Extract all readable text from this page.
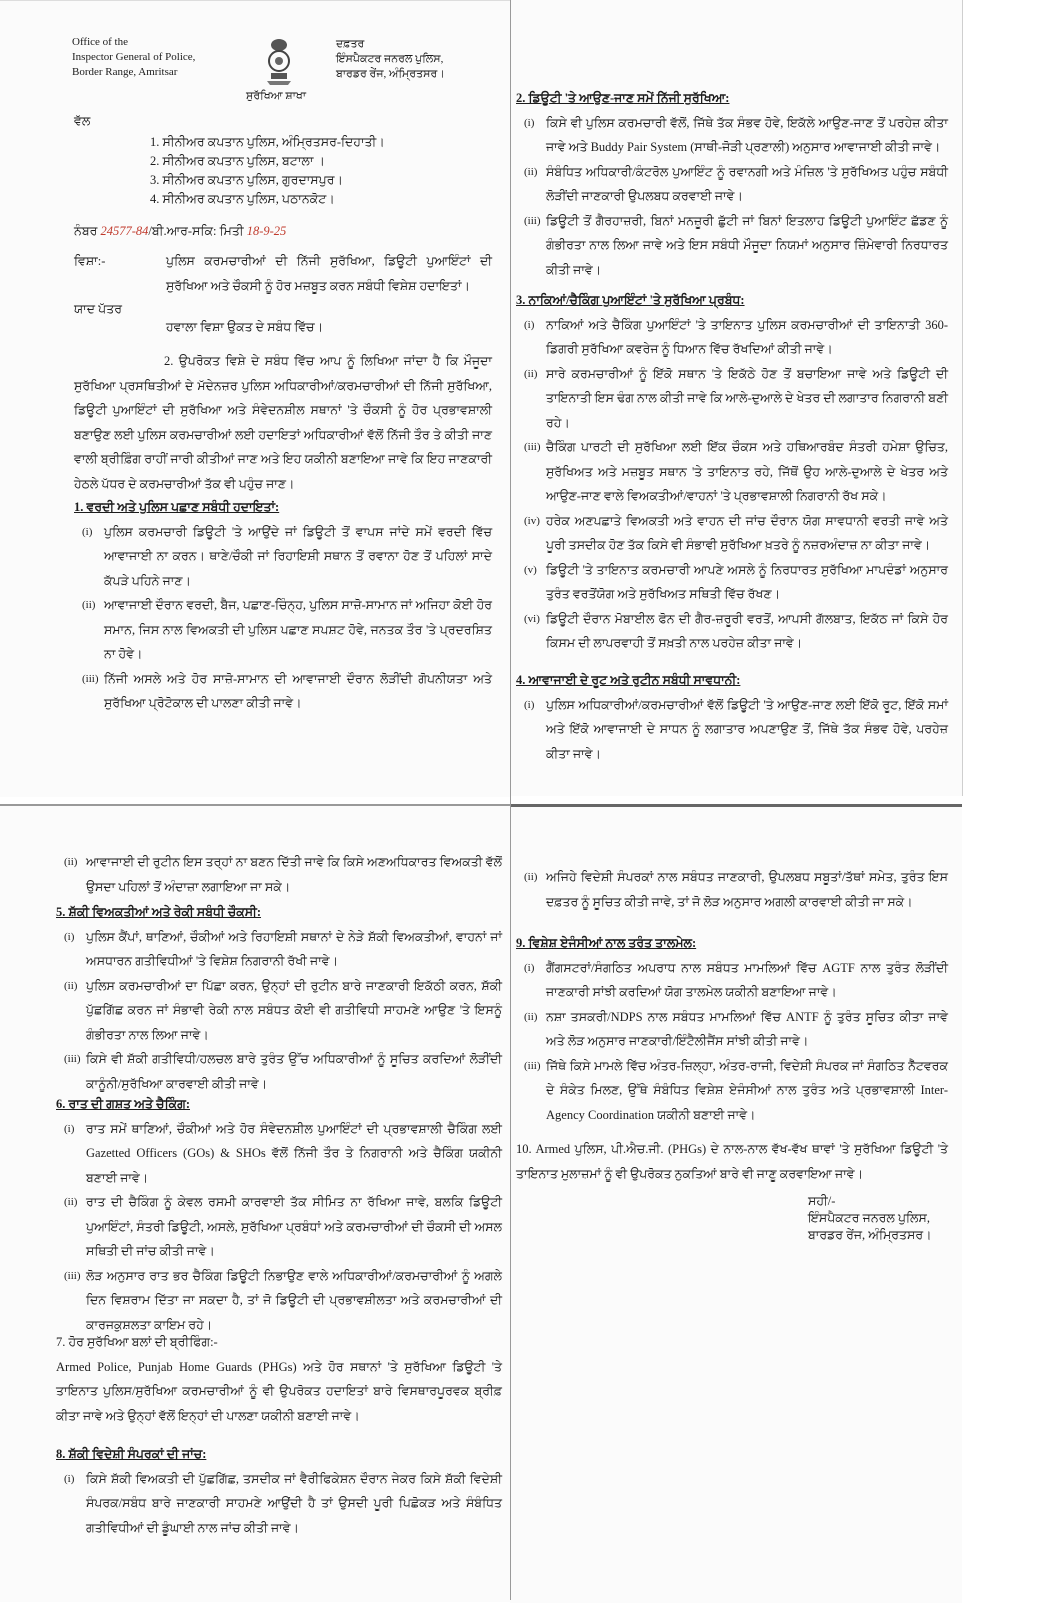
Office of the
Inspector General of Police,
Border Range, Amritsar
ਦਫ਼ਤਰ
ਇੰਸਪੈਕਟਰ ਜਨਰਲ ਪੁਲਿਸ,
ਬਾਰਡਰ ਰੇਂਜ, ਅੰਮ੍ਰਿਤਸਰ।
ਸੁਰੱਖਿਆ ਸ਼ਾਖਾ
ਵੱਲ
1. ਸੀਨੀਅਰ ਕਪਤਾਨ ਪੁਲਿਸ, ਅੰਮ੍ਰਿਤਸਰ-ਦਿਹਾਤੀ।
2. ਸੀਨੀਅਰ ਕਪਤਾਨ ਪੁਲਿਸ, ਬਟਾਲਾ ।
3. ਸੀਨੀਅਰ ਕਪਤਾਨ ਪੁਲਿਸ, ਗੁਰਦਾਸਪੁਰ।
4. ਸੀਨੀਅਰ ਕਪਤਾਨ ਪੁਲਿਸ, ਪਠਾਨਕੋਟ।
ਨੰਬਰ 24577-84/ਬੀ.ਆਰ-ਸਕਿ: ਮਿਤੀ 18-9-25
ਵਿਸ਼ਾ:-	ਪੁਲਿਸ ਕਰਮਚਾਰੀਆਂ ਦੀ ਨਿੱਜੀ ਸੁਰੱਖਿਆ, ਡਿਊਟੀ ਪੁਆਇੰਟਾਂ ਦੀ ਸੁਰੱਖਿਆ ਅਤੇ ਚੌਕਸੀ ਨੂੰ ਹੋਰ ਮਜ਼ਬੂਤ ਕਰਨ ਸਬੰਧੀ ਵਿਸ਼ੇਸ਼ ਹਦਾਇਤਾਂ।
ਯਾਦ ਪੱਤਰ
ਹਵਾਲਾ ਵਿਸ਼ਾ ਉਕਤ ਦੇ ਸਬੰਧ ਵਿੱਚ।
2. ਉਪਰੋਕਤ ਵਿਸ਼ੇ ਦੇ ਸਬੰਧ ਵਿੱਚ ਆਪ ਨੂੰ ਲਿਖਿਆ ਜਾਂਦਾ ਹੈ ਕਿ ਮੌਜੂਦਾ ਸੁਰੱਖਿਆ ਪ੍ਰਸਥਿਤੀਆਂ ਦੇ ਮੱਦੇਨਜ਼ਰ ਪੁਲਿਸ ਅਧਿਕਾਰੀਆਂ/ਕਰਮਚਾਰੀਆਂ ਦੀ ਨਿੱਜੀ ਸੁਰੱਖਿਆ, ਡਿਊਟੀ ਪੁਆਇੰਟਾਂ ਦੀ ਸੁਰੱਖਿਆ ਅਤੇ ਸੰਵੇਦਨਸ਼ੀਲ ਸਥਾਨਾਂ 'ਤੇ ਚੌਕਸੀ ਨੂੰ ਹੋਰ ਪ੍ਰਭਾਵਸ਼ਾਲੀ ਬਣਾਉਣ ਲਈ ਪੁਲਿਸ ਕਰਮਚਾਰੀਆਂ ਲਈ ਹਦਾਇਤਾਂ ਅਧਿਕਾਰੀਆਂ ਵੱਲੋਂ ਨਿੱਜੀ ਤੌਰ ਤੇ ਕੀਤੀ ਜਾਣ ਵਾਲੀ ਬ੍ਰੀਫ਼ਿੰਗ ਰਾਹੀਂ ਜਾਰੀ ਕੀਤੀਆਂ ਜਾਣ ਅਤੇ ਇਹ ਯਕੀਨੀ ਬਣਾਇਆ ਜਾਵੇ ਕਿ ਇਹ ਜਾਣਕਾਰੀ ਹੇਠਲੇ ਪੱਧਰ ਦੇ ਕਰਮਚਾਰੀਆਂ ਤੱਕ ਵੀ ਪਹੁੰਚ ਜਾਣ।

1. ਵਰਦੀ ਅਤੇ ਪੁਲਿਸ ਪਛਾਣ ਸਬੰਧੀ ਹਦਾਇਤਾਂ:

(i) ਪੁਲਿਸ ਕਰਮਚਾਰੀ ਡਿਊਟੀ 'ਤੇ ਆਉਂਦੇ ਜਾਂ ਡਿਊਟੀ ਤੋਂ ਵਾਪਸ ਜਾਂਦੇ ਸਮੇਂ ਵਰਦੀ ਵਿੱਚ ਆਵਾਜਾਈ ਨਾ ਕਰਨ। ਥਾਣੇ/ਚੌਕੀ ਜਾਂ ਰਿਹਾਇਸ਼ੀ ਸਥਾਨ ਤੋਂ ਰਵਾਨਾ ਹੋਣ ਤੋਂ ਪਹਿਲਾਂ ਸਾਦੇ ਕੱਪੜੇ ਪਹਿਨੇ ਜਾਣ।
(ii) ਆਵਾਜਾਈ ਦੌਰਾਨ ਵਰਦੀ, ਬੈਜ, ਪਛਾਣ-ਚਿੰਨ੍ਹ, ਪੁਲਿਸ ਸਾਜ਼ੋ-ਸਾਮਾਨ ਜਾਂ ਅਜਿਹਾ ਕੋਈ ਹੋਰ ਸਮਾਨ, ਜਿਸ ਨਾਲ ਵਿਅਕਤੀ ਦੀ ਪੁਲਿਸ ਪਛਾਣ ਸਪਸ਼ਟ ਹੋਵੇ, ਜਨਤਕ ਤੌਰ 'ਤੇ ਪ੍ਰਦਰਸ਼ਿਤ ਨਾ ਹੋਵੇ।
(iii) ਨਿੱਜੀ ਅਸਲੇ ਅਤੇ ਹੋਰ ਸਾਜ਼ੋ-ਸਾਮਾਨ ਦੀ ਆਵਾਜਾਈ ਦੌਰਾਨ ਲੋੜੀਂਦੀ ਗੋਪਨੀਯਤਾ ਅਤੇ ਸੁਰੱਖਿਆ ਪ੍ਰੋਟੋਕਾਲ ਦੀ ਪਾਲਣਾ ਕੀਤੀ ਜਾਵੇ।

2. ਡਿਊਟੀ 'ਤੇ ਆਉਣ-ਜਾਣ ਸਮੇਂ ਨਿੱਜੀ ਸੁਰੱਖਿਆ:

(i) ਕਿਸੇ ਵੀ ਪੁਲਿਸ ਕਰਮਚਾਰੀ ਵੱਲੋਂ, ਜਿੱਥੇ ਤੱਕ ਸੰਭਵ ਹੋਵੇ, ਇਕੱਲੇ ਆਉਣ-ਜਾਣ ਤੋਂ ਪਰਹੇਜ਼ ਕੀਤਾ ਜਾਵੇ ਅਤੇ Buddy Pair System (ਸਾਥੀ-ਜੋੜੀ ਪ੍ਰਣਾਲੀ) ਅਨੁਸਾਰ ਆਵਾਜਾਈ ਕੀਤੀ ਜਾਵੇ।
(ii) ਸੰਬੰਧਿਤ ਅਧਿਕਾਰੀ/ਕੰਟਰੋਲ ਪੁਆਇੰਟ ਨੂੰ ਰਵਾਨਗੀ ਅਤੇ ਮੰਜ਼ਿਲ 'ਤੇ ਸੁਰੱਖਿਅਤ ਪਹੁੰਚ ਸਬੰਧੀ ਲੋੜੀਂਦੀ ਜਾਣਕਾਰੀ ਉਪਲਬਧ ਕਰਵਾਈ ਜਾਵੇ।
(iii) ਡਿਊਟੀ ਤੋਂ ਗੈਰਹਾਜ਼ਰੀ, ਬਿਨਾਂ ਮਨਜ਼ੂਰੀ ਛੁੱਟੀ ਜਾਂ ਬਿਨਾਂ ਇਤਲਾਹ ਡਿਊਟੀ ਪੁਆਇੰਟ ਛੱਡਣ ਨੂੰ ਗੰਭੀਰਤਾ ਨਾਲ ਲਿਆ ਜਾਵੇ ਅਤੇ ਇਸ ਸਬੰਧੀ ਮੌਜੂਦਾ ਨਿਯਮਾਂ ਅਨੁਸਾਰ ਜ਼ਿੰਮੇਵਾਰੀ ਨਿਰਧਾਰਤ ਕੀਤੀ ਜਾਵੇ।

3. ਨਾਕਿਆਂ/ਚੈਕਿੰਗ ਪੁਆਇੰਟਾਂ 'ਤੇ ਸੁਰੱਖਿਆ ਪ੍ਰਬੰਧ:

(i) ਨਾਕਿਆਂ ਅਤੇ ਚੈਕਿੰਗ ਪੁਆਇੰਟਾਂ 'ਤੇ ਤਾਇਨਾਤ ਪੁਲਿਸ ਕਰਮਚਾਰੀਆਂ ਦੀ ਤਾਇਨਾਤੀ 360-ਡਿਗਰੀ ਸੁਰੱਖਿਆ ਕਵਰੇਜ ਨੂੰ ਧਿਆਨ ਵਿੱਚ ਰੱਖਦਿਆਂ ਕੀਤੀ ਜਾਵੇ।
(ii) ਸਾਰੇ ਕਰਮਚਾਰੀਆਂ ਨੂੰ ਇੱਕੋ ਸਥਾਨ 'ਤੇ ਇਕੱਠੇ ਹੋਣ ਤੋਂ ਬਚਾਇਆ ਜਾਵੇ ਅਤੇ ਡਿਊਟੀ ਦੀ ਤਾਇਨਾਤੀ ਇਸ ਢੰਗ ਨਾਲ ਕੀਤੀ ਜਾਵੇ ਕਿ ਆਲੇ-ਦੁਆਲੇ ਦੇ ਖੇਤਰ ਦੀ ਲਗਾਤਾਰ ਨਿਗਰਾਨੀ ਬਣੀ ਰਹੇ।
(iii) ਚੈਕਿੰਗ ਪਾਰਟੀ ਦੀ ਸੁਰੱਖਿਆ ਲਈ ਇੱਕ ਚੌਕਸ ਅਤੇ ਹਥਿਆਰਬੰਦ ਸੰਤਰੀ ਹਮੇਸ਼ਾ ਉਚਿਤ, ਸੁਰੱਖਿਅਤ ਅਤੇ ਮਜ਼ਬੂਤ ਸਥਾਨ 'ਤੇ ਤਾਇਨਾਤ ਰਹੇ, ਜਿੱਥੋਂ ਉਹ ਆਲੇ-ਦੁਆਲੇ ਦੇ ਖੇਤਰ ਅਤੇ ਆਉਣ-ਜਾਣ ਵਾਲੇ ਵਿਅਕਤੀਆਂ/ਵਾਹਨਾਂ 'ਤੇ ਪ੍ਰਭਾਵਸ਼ਾਲੀ ਨਿਗਰਾਨੀ ਰੱਖ ਸਕੇ।
(iv) ਹਰੇਕ ਅਣਪਛਾਤੇ ਵਿਅਕਤੀ ਅਤੇ ਵਾਹਨ ਦੀ ਜਾਂਚ ਦੌਰਾਨ ਯੋਗ ਸਾਵਧਾਨੀ ਵਰਤੀ ਜਾਵੇ ਅਤੇ ਪੂਰੀ ਤਸਦੀਕ ਹੋਣ ਤੱਕ ਕਿਸੇ ਵੀ ਸੰਭਾਵੀ ਸੁਰੱਖਿਆ ਖ਼ਤਰੇ ਨੂੰ ਨਜ਼ਰਅੰਦਾਜ਼ ਨਾ ਕੀਤਾ ਜਾਵੇ।
(v) ਡਿਊਟੀ 'ਤੇ ਤਾਇਨਾਤ ਕਰਮਚਾਰੀ ਆਪਣੇ ਅਸਲੇ ਨੂੰ ਨਿਰਧਾਰਤ ਸੁਰੱਖਿਆ ਮਾਪਦੰਡਾਂ ਅਨੁਸਾਰ ਤੁਰੰਤ ਵਰਤੋਂਯੋਗ ਅਤੇ ਸੁਰੱਖਿਅਤ ਸਥਿਤੀ ਵਿੱਚ ਰੱਖਣ।
(vi) ਡਿਊਟੀ ਦੌਰਾਨ ਮੋਬਾਈਲ ਫੋਨ ਦੀ ਗੈਰ-ਜ਼ਰੂਰੀ ਵਰਤੋਂ, ਆਪਸੀ ਗੱਲਬਾਤ, ਇਕੱਠ ਜਾਂ ਕਿਸੇ ਹੋਰ ਕਿਸਮ ਦੀ ਲਾਪਰਵਾਹੀ ਤੋਂ ਸਖ਼ਤੀ ਨਾਲ ਪਰਹੇਜ਼ ਕੀਤਾ ਜਾਵੇ।

4. ਆਵਾਜਾਈ ਦੇ ਰੂਟ ਅਤੇ ਰੁਟੀਨ ਸਬੰਧੀ ਸਾਵਧਾਨੀ:

(i) ਪੁਲਿਸ ਅਧਿਕਾਰੀਆਂ/ਕਰਮਚਾਰੀਆਂ ਵੱਲੋਂ ਡਿਊਟੀ 'ਤੇ ਆਉਣ-ਜਾਣ ਲਈ ਇੱਕੋ ਰੂਟ, ਇੱਕੋ ਸਮਾਂ ਅਤੇ ਇੱਕੋ ਆਵਾਜਾਈ ਦੇ ਸਾਧਨ ਨੂੰ ਲਗਾਤਾਰ ਅਪਣਾਉਣ ਤੋਂ, ਜਿੱਥੇ ਤੱਕ ਸੰਭਵ ਹੋਵੇ, ਪਰਹੇਜ਼ ਕੀਤਾ ਜਾਵੇ।
(ii) ਆਵਾਜਾਈ ਦੀ ਰੁਟੀਨ ਇਸ ਤਰ੍ਹਾਂ ਨਾ ਬਣਨ ਦਿੱਤੀ ਜਾਵੇ ਕਿ ਕਿਸੇ ਅਣਅਧਿਕਾਰਤ ਵਿਅਕਤੀ ਵੱਲੋਂ ਉਸਦਾ ਪਹਿਲਾਂ ਤੋਂ ਅੰਦਾਜ਼ਾ ਲਗਾਇਆ ਜਾ ਸਕੇ।

5. ਸ਼ੱਕੀ ਵਿਅਕਤੀਆਂ ਅਤੇ ਰੇਕੀ ਸਬੰਧੀ ਚੌਕਸੀ:

(i) ਪੁਲਿਸ ਕੈਂਪਾਂ, ਥਾਣਿਆਂ, ਚੌਕੀਆਂ ਅਤੇ ਰਿਹਾਇਸ਼ੀ ਸਥਾਨਾਂ ਦੇ ਨੇੜੇ ਸ਼ੱਕੀ ਵਿਅਕਤੀਆਂ, ਵਾਹਨਾਂ ਜਾਂ ਅਸਧਾਰਨ ਗਤੀਵਿਧੀਆਂ 'ਤੇ ਵਿਸ਼ੇਸ਼ ਨਿਗਰਾਨੀ ਰੱਖੀ ਜਾਵੇ।
(ii) ਪੁਲਿਸ ਕਰਮਚਾਰੀਆਂ ਦਾ ਪਿੱਛਾ ਕਰਨ, ਉਨ੍ਹਾਂ ਦੀ ਰੁਟੀਨ ਬਾਰੇ ਜਾਣਕਾਰੀ ਇਕੱਠੀ ਕਰਨ, ਸ਼ੱਕੀ ਪੁੱਛਗਿੱਛ ਕਰਨ ਜਾਂ ਸੰਭਾਵੀ ਰੇਕੀ ਨਾਲ ਸਬੰਧਤ ਕੋਈ ਵੀ ਗਤੀਵਿਧੀ ਸਾਹਮਣੇ ਆਉਣ 'ਤੇ ਇਸਨੂੰ ਗੰਭੀਰਤਾ ਨਾਲ ਲਿਆ ਜਾਵੇ।
(iii) ਕਿਸੇ ਵੀ ਸ਼ੱਕੀ ਗਤੀਵਿਧੀ/ਹਲਚਲ ਬਾਰੇ ਤੁਰੰਤ ਉੱਚ ਅਧਿਕਾਰੀਆਂ ਨੂੰ ਸੂਚਿਤ ਕਰਦਿਆਂ ਲੋੜੀਂਦੀ ਕਾਨੂੰਨੀ/ਸੁਰੱਖਿਆ ਕਾਰਵਾਈ ਕੀਤੀ ਜਾਵੇ।

6. ਰਾਤ ਦੀ ਗਸ਼ਤ ਅਤੇ ਚੈਕਿੰਗ:

(i) ਰਾਤ ਸਮੇਂ ਥਾਣਿਆਂ, ਚੌਕੀਆਂ ਅਤੇ ਹੋਰ ਸੰਵੇਦਨਸ਼ੀਲ ਪੁਆਇੰਟਾਂ ਦੀ ਪ੍ਰਭਾਵਸ਼ਾਲੀ ਚੈਕਿੰਗ ਲਈ Gazetted Officers (GOs) & SHOs ਵੱਲੋਂ ਨਿੱਜੀ ਤੌਰ ਤੇ ਨਿਗਰਾਨੀ ਅਤੇ ਚੈਕਿੰਗ ਯਕੀਨੀ ਬਣਾਈ ਜਾਵੇ।
(ii) ਰਾਤ ਦੀ ਚੈਕਿੰਗ ਨੂੰ ਕੇਵਲ ਰਸਮੀ ਕਾਰਵਾਈ ਤੱਕ ਸੀਮਿਤ ਨਾ ਰੱਖਿਆ ਜਾਵੇ, ਬਲਕਿ ਡਿਊਟੀ ਪੁਆਇੰਟਾਂ, ਸੰਤਰੀ ਡਿਊਟੀ, ਅਸਲੇ, ਸੁਰੱਖਿਆ ਪ੍ਰਬੰਧਾਂ ਅਤੇ ਕਰਮਚਾਰੀਆਂ ਦੀ ਚੌਕਸੀ ਦੀ ਅਸਲ ਸਥਿਤੀ ਦੀ ਜਾਂਚ ਕੀਤੀ ਜਾਵੇ।
(iii) ਲੋੜ ਅਨੁਸਾਰ ਰਾਤ ਭਰ ਚੈਕਿੰਗ ਡਿਊਟੀ ਨਿਭਾਉਣ ਵਾਲੇ ਅਧਿਕਾਰੀਆਂ/ਕਰਮਚਾਰੀਆਂ ਨੂੰ ਅਗਲੇ ਦਿਨ ਵਿਸ਼ਰਾਮ ਦਿੱਤਾ ਜਾ ਸਕਦਾ ਹੈ, ਤਾਂ ਜੋ ਡਿਊਟੀ ਦੀ ਪ੍ਰਭਾਵਸ਼ੀਲਤਾ ਅਤੇ ਕਰਮਚਾਰੀਆਂ ਦੀ ਕਾਰਜਕੁਸ਼ਲਤਾ ਕਾਇਮ ਰਹੇ।

7. ਹੋਰ ਸੁਰੱਖਿਆ ਬਲਾਂ ਦੀ ਬ੍ਰੀਫਿੰਗ:-

Armed Police, Punjab Home Guards (PHGs) ਅਤੇ ਹੋਰ ਸਥਾਨਾਂ 'ਤੇ ਸੁਰੱਖਿਆ ਡਿਊਟੀ 'ਤੇ ਤਾਇਨਾਤ ਪੁਲਿਸ/ਸੁਰੱਖਿਆ ਕਰਮਚਾਰੀਆਂ ਨੂੰ ਵੀ ਉਪਰੋਕਤ ਹਦਾਇਤਾਂ ਬਾਰੇ ਵਿਸਥਾਰਪੂਰਵਕ ਬ੍ਰੀਫ਼ ਕੀਤਾ ਜਾਵੇ ਅਤੇ ਉਨ੍ਹਾਂ ਵੱਲੋਂ ਇਨ੍ਹਾਂ ਦੀ ਪਾਲਣਾ ਯਕੀਨੀ ਬਣਾਈ ਜਾਵੇ।

8. ਸ਼ੱਕੀ ਵਿਦੇਸ਼ੀ ਸੰਪਰਕਾਂ ਦੀ ਜਾਂਚ:

(i) ਕਿਸੇ ਸ਼ੱਕੀ ਵਿਅਕਤੀ ਦੀ ਪੁੱਛਗਿੱਛ, ਤਸਦੀਕ ਜਾਂ ਵੈਰੀਫਿਕੇਸ਼ਨ ਦੌਰਾਨ ਜੇਕਰ ਕਿਸੇ ਸ਼ੱਕੀ ਵਿਦੇਸ਼ੀ ਸੰਪਰਕ/ਸਬੰਧ ਬਾਰੇ ਜਾਣਕਾਰੀ ਸਾਹਮਣੇ ਆਉਂਦੀ ਹੈ ਤਾਂ ਉਸਦੀ ਪੂਰੀ ਪਿਛੋਕੜ ਅਤੇ ਸੰਬੰਧਿਤ ਗਤੀਵਿਧੀਆਂ ਦੀ ਡੂੰਘਾਈ ਨਾਲ ਜਾਂਚ ਕੀਤੀ ਜਾਵੇ।
(ii) ਅਜਿਹੇ ਵਿਦੇਸ਼ੀ ਸੰਪਰਕਾਂ ਨਾਲ ਸਬੰਧਤ ਜਾਣਕਾਰੀ, ਉਪਲਬਧ ਸਬੂਤਾਂ/ਤੱਥਾਂ ਸਮੇਤ, ਤੁਰੰਤ ਇਸ ਦਫ਼ਤਰ ਨੂੰ ਸੂਚਿਤ ਕੀਤੀ ਜਾਵੇ, ਤਾਂ ਜੋ ਲੋੜ ਅਨੁਸਾਰ ਅਗਲੀ ਕਾਰਵਾਈ ਕੀਤੀ ਜਾ ਸਕੇ।

9. ਵਿਸ਼ੇਸ਼ ਏਜੰਸੀਆਂ ਨਾਲ ਤਰੰਤ ਤਾਲਮੇਲ:

(i) ਗੈਂਗਸਟਰਾਂ/ਸੰਗਠਿਤ ਅਪਰਾਧ ਨਾਲ ਸਬੰਧਤ ਮਾਮਲਿਆਂ ਵਿੱਚ AGTF ਨਾਲ ਤੁਰੰਤ ਲੋੜੀਂਦੀ ਜਾਣਕਾਰੀ ਸਾਂਝੀ ਕਰਦਿਆਂ ਯੋਗ ਤਾਲਮੇਲ ਯਕੀਨੀ ਬਣਾਇਆ ਜਾਵੇ।
(ii) ਨਸ਼ਾ ਤਸਕਰੀ/NDPS ਨਾਲ ਸਬੰਧਤ ਮਾਮਲਿਆਂ ਵਿੱਚ ANTF ਨੂੰ ਤੁਰੰਤ ਸੂਚਿਤ ਕੀਤਾ ਜਾਵੇ ਅਤੇ ਲੋੜ ਅਨੁਸਾਰ ਜਾਣਕਾਰੀ/ਇੰਟੈਲੀਜੈਂਸ ਸਾਂਝੀ ਕੀਤੀ ਜਾਵੇ।
(iii) ਜਿੱਥੇ ਕਿਸੇ ਮਾਮਲੇ ਵਿੱਚ ਅੰਤਰ-ਜ਼ਿਲ੍ਹਾ, ਅੰਤਰ-ਰਾਜੀ, ਵਿਦੇਸ਼ੀ ਸੰਪਰਕ ਜਾਂ ਸੰਗਠਿਤ ਨੈੱਟਵਰਕ ਦੇ ਸੰਕੇਤ ਮਿਲਣ, ਉੱਥੇ ਸੰਬੰਧਿਤ ਵਿਸ਼ੇਸ਼ ਏਜੰਸੀਆਂ ਨਾਲ ਤੁਰੰਤ ਅਤੇ ਪ੍ਰਭਾਵਸ਼ਾਲੀ Inter-Agency Coordination ਯਕੀਨੀ ਬਣਾਈ ਜਾਵੇ।
10. Armed ਪੁਲਿਸ, ਪੀ.ਐਚ.ਜੀ. (PHGs) ਦੇ ਨਾਲ-ਨਾਲ ਵੱਖ-ਵੱਖ ਥਾਵਾਂ 'ਤੇ ਸੁਰੱਖਿਆ ਡਿਊਟੀ 'ਤੇ ਤਾਇਨਾਤ ਮੁਲਾਜ਼ਮਾਂ ਨੂੰ ਵੀ ਉਪਰੋਕਤ ਨੁਕਤਿਆਂ ਬਾਰੇ ਵੀ ਜਾਣੂ ਕਰਵਾਇਆ ਜਾਵੇ।
ਸਹੀ/-
ਇੰਸਪੈਕਟਰ ਜਨਰਲ ਪੁਲਿਸ,
ਬਾਰਡਰ ਰੇਂਜ, ਅੰਮ੍ਰਿਤਸਰ।
